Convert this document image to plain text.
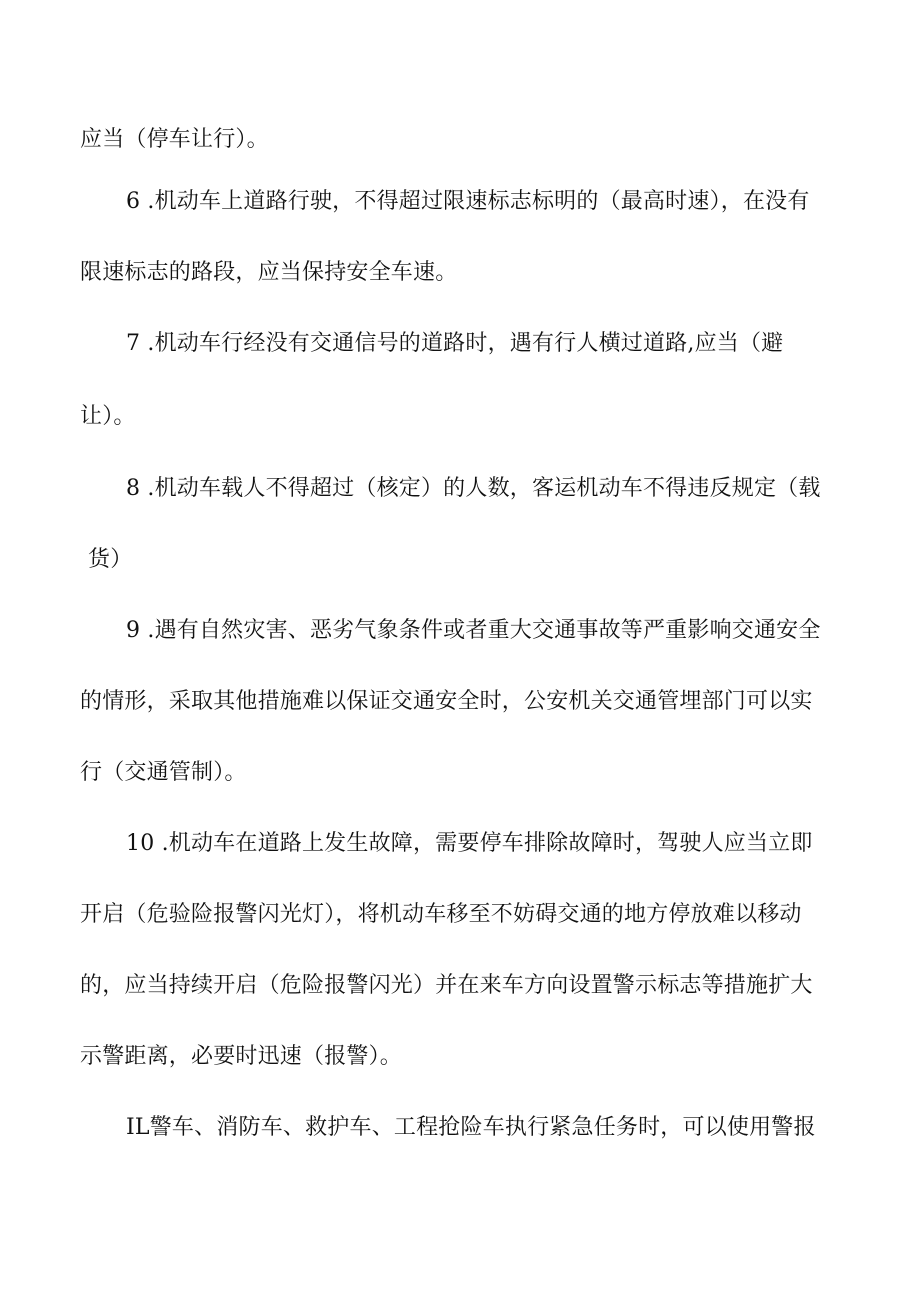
应当（停车让行）。
6 .机动车上道路行驶，不得超过限速标志标明的（最高时速），在没有
限速标志的路段，应当保持安全车速。
7 .机动车行经没有交通信号的道路时，遇有行人横过道路,应当（避
让）。
8 .机动车载人不得超过（核定）的人数，客运机动车不得违反规定（载
货）
9 .遇有自然灾害、恶劣气象条件或者重大交通事故等严重影响交通安全
的情形，采取其他措施难以保证交通安全时，公安机关交通管埋部门可以实
行（交通管制）。
10 .机动车在道路上发生故障，需要停车排除故障时，驾驶人应当立即
开启（危验险报警闪光灯），将机动车移至不妨碍交通的地方停放难以移动
的，应当持续开启（危险报警闪光）并在来车方向设置警示标志等措施扩大
示警距离，必要时迅速（报警）。
IL警车、消防车、救护车、工程抢险车执行紧急任务时，可以使用警报
